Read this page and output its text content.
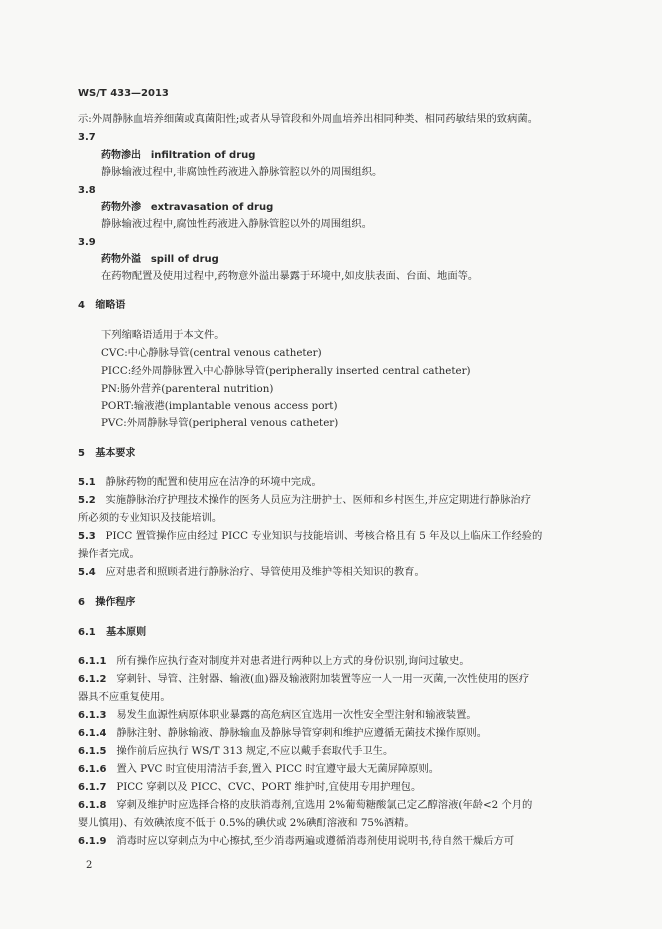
WS/T 433—2013
示:外周静脉血培养细菌或真菌阳性;或者从导管段和外周血培养出相同种类、相同药敏结果的致病菌。
3.7
药物渗出 infiltration of drug
静脉输液过程中,非腐蚀性药液进入静脉管腔以外的周围组织。
3.8
药物外渗 extravasation of drug
静脉输液过程中,腐蚀性药液进入静脉管腔以外的周围组织。
3.9
药物外溢 spill of drug
在药物配置及使用过程中,药物意外溢出暴露于环境中,如皮肤表面、台面、地面等。
4 缩略语
下列缩略语适用于本文件。
CVC:中心静脉导管(central venous catheter)
PICC:经外周静脉置入中心静脉导管(peripherally inserted central catheter)
PN:肠外营养(parenteral nutrition)
PORT:输液港(implantable venous access port)
PVC:外周静脉导管(peripheral venous catheter)
5 基本要求
5.1 静脉药物的配置和使用应在洁净的环境中完成。
5.2 实施静脉治疗护理技术操作的医务人员应为注册护士、医师和乡村医生,并应定期进行静脉治疗
所必须的专业知识及技能培训。
5.3 PICC 置管操作应由经过 PICC 专业知识与技能培训、考核合格且有 5 年及以上临床工作经验的
操作者完成。
5.4 应对患者和照顾者进行静脉治疗、导管使用及维护等相关知识的教育。
6 操作程序
6.1 基本原则
6.1.1 所有操作应执行查对制度并对患者进行两种以上方式的身份识别,询问过敏史。
6.1.2 穿刺针、导管、注射器、输液(血)器及输液附加装置等应一人一用一灭菌,一次性使用的医疗
器具不应重复使用。
6.1.3 易发生血源性病原体职业暴露的高危病区宜选用一次性安全型注射和输液装置。
6.1.4 静脉注射、静脉输液、静脉输血及静脉导管穿刺和维护应遵循无菌技术操作原则。
6.1.5 操作前后应执行 WS/T 313 规定,不应以戴手套取代手卫生。
6.1.6 置入 PVC 时宜使用清洁手套,置入 PICC 时宜遵守最大无菌屏障原则。
6.1.7 PICC 穿刺以及 PICC、CVC、PORT 维护时,宜使用专用护理包。
6.1.8 穿刺及维护时应选择合格的皮肤消毒剂,宜选用 2%葡萄糖酸氯己定乙醇溶液(年龄<2 个月的
婴儿慎用)、有效碘浓度不低于 0.5%的碘伏或 2%碘酊溶液和 75%酒精。
6.1.9 消毒时应以穿刺点为中心擦拭,至少消毒两遍或遵循消毒剂使用说明书,待自然干燥后方可
2
